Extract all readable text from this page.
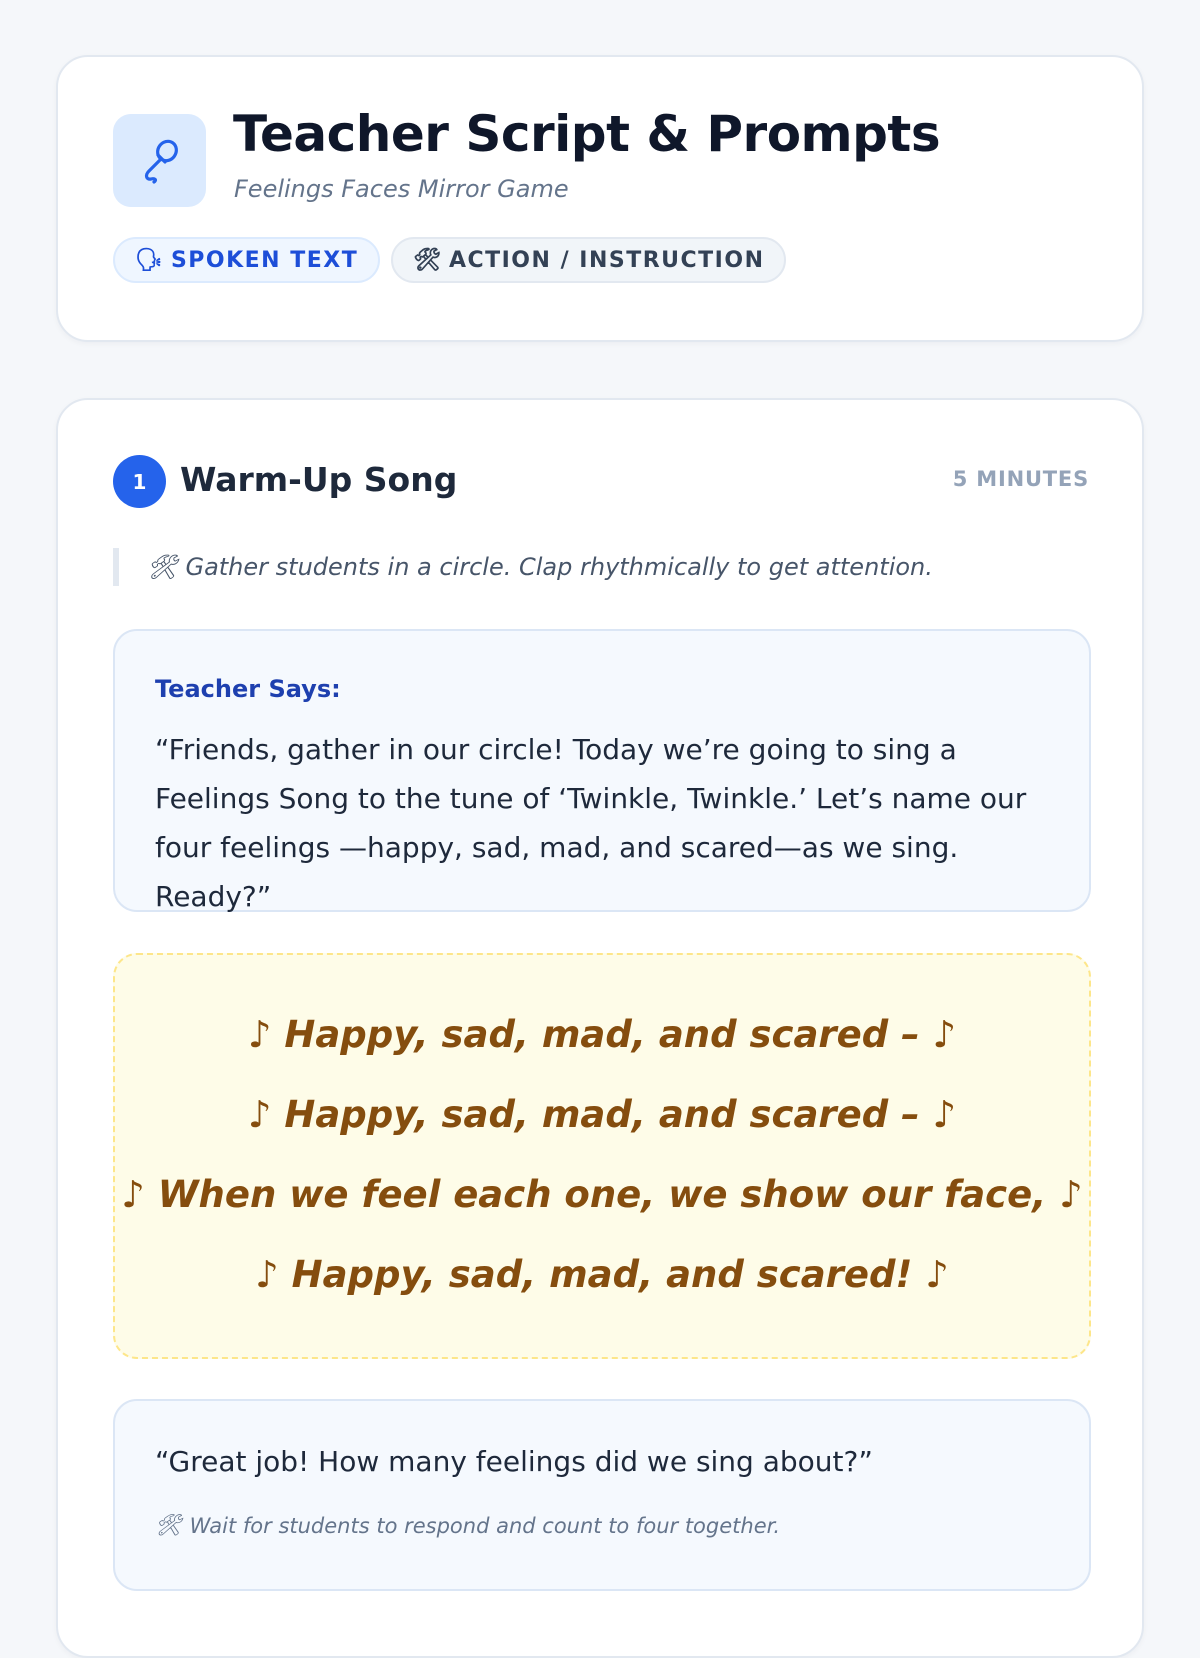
Teacher Script & Prompts
Feelings Faces Mirror Game
🗣 SPOKEN TEXT 🛠 ACTION / INSTRUCTION
1	Warm-Up Song	5 MINUTES
🛠 Gather students in a circle. Clap rhythmically to get attention.
Teacher Says:

“Friends, gather in our circle! Today we’re going to sing a Feelings Song to the tune of ‘Twinkle, Twinkle.’ Let’s name our four feelings —happy, sad, mad, and scared—as we sing. Ready?”

♪ Happy, sad, mad, and scared – ♪
♪ Happy, sad, mad, and scared – ♪
♪ When we feel each one, we show our face, ♪
♪ Happy, sad, mad, and scared! ♪
“Great job! How many feelings did we sing about?”
🛠 Wait for students to respond and count to four together.
